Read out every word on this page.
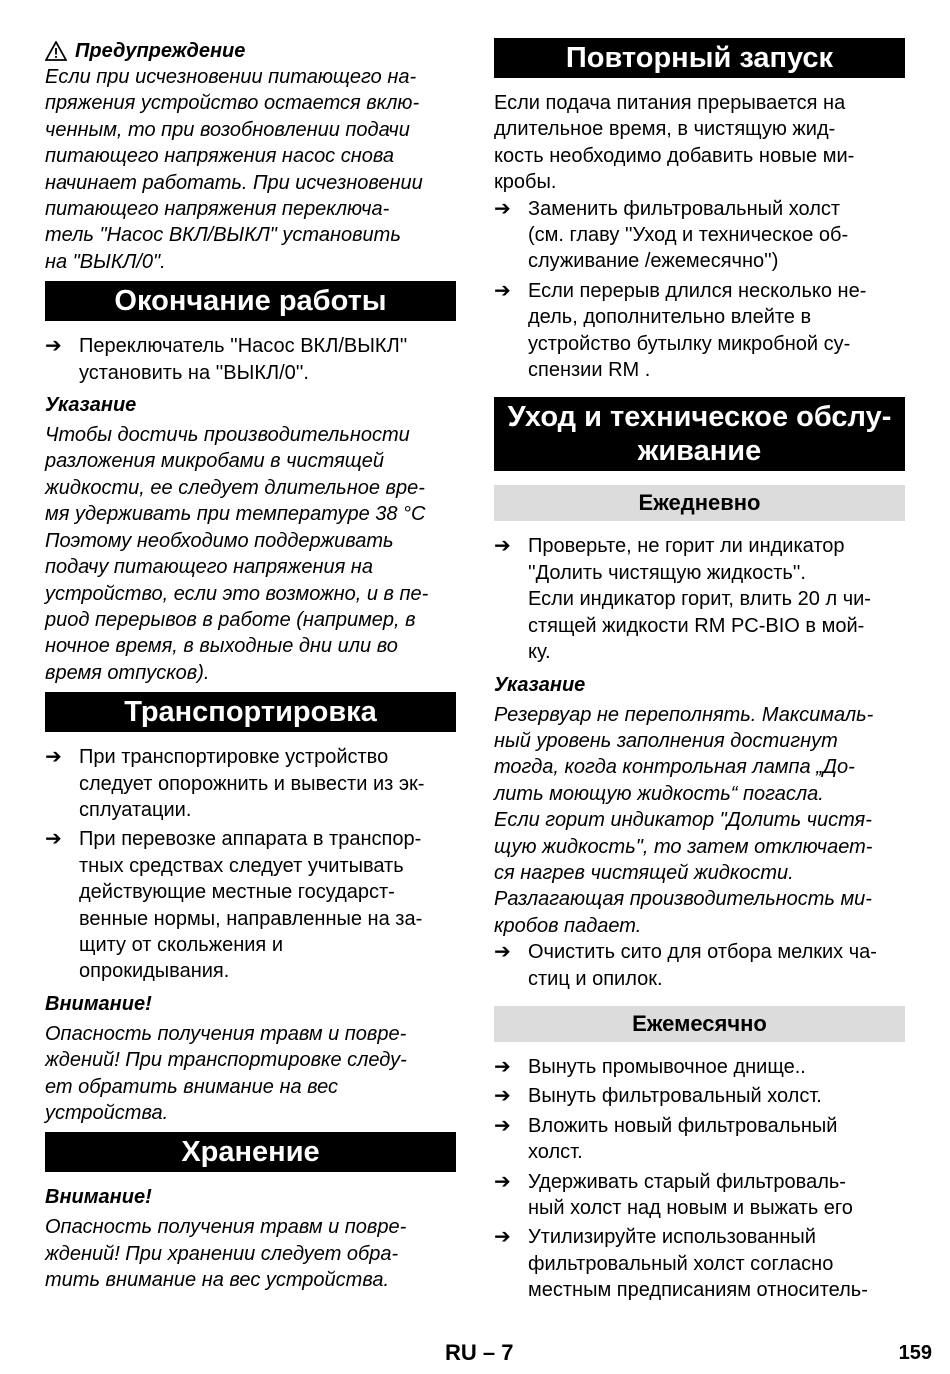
Предупреждение

Если при исчезновении питающего на-

пряжения устройство остается вклю-

ченным, то при возобновлении подачи

питающего напряжения насос снова

начинает работать. При исчезновении

питающего напряжения переключа-

тель "Насос ВКЛ/ВЫКЛ" установить

на "ВЫКЛ/0".

Окончание работы
➔ Переключатель ''Насос ВКЛ/ВЫКЛ''
установить на ''ВЫКЛ/0''.

Указание

Чтобы достичь производительности

разложения микробами в чистящей

жидкости, ее следует длительное вре-

мя удерживать при температуре 38 °C

Поэтому необходимо поддерживать

подачу питающего напряжения на

устройство, если это возможно, и в пе-

риод перерывов в работе (например, в

ночное время, в выходные дни или во

время отпусков).

Транспортировка
➔ При транспортировке устройство
следует опорожнить и вывести из эк-
сплуатации.
➔ При перевозке аппарата в транспор-
тных средствах следует учитывать
действующие местные государст-
венные нормы, направленные на за-
щиту от скольжения и
опрокидывания.

Внимание!

Опасность получения травм и повре-

ждений! При транспортировке следу-

ет обратить внимание на вес

устройства.

Хранение

Внимание!

Опасность получения травм и повре-

ждений! При хранении следует обра-

тить внимание на вес устройства.

Повторный запуск

Если подача питания прерывается на

длительное время, в чистящую жид-

кость необходимо добавить новые ми-

кробы.

➔ Заменить фильтровальный холст
(см. главу ''Уход и техническое об-
служивание /ежемесячно'')
➔ Если перерыв длился несколько не-
дель, дополнительно влейте в
устройство бутылку микробной су-
спензии RM .
Уход и техническое обслу-
живание
Ежедневно
➔ Проверьте, не горит ли индикатор
''Долить чистящую жидкость''.
Если индикатор горит, влить 20 л чи-
стящей жидкости RM PC-BIO в мой-
ку.

Указание

Резервуар не переполнять. Максималь-

ный уровень заполнения достигнут

тогда, когда контрольная лампа „До-

лить моющую жидкость“ погасла.

Если горит индикатор "Долить чистя-

щую жидкость", то затем отключает-

ся нагрев чистящей жидкости.

Разлагающая производительность ми-

кробов падает.

➔ Очистить сито для отбора мелких ча-
стиц и опилок.
Ежемесячно
➔ Вынуть промывочное днище..
➔ Вынуть фильтровальный холст.
➔ Вложить новый фильтровальный
холст.
➔ Удерживать старый фильтроваль-
ный холст над новым и выжать его
➔ Утилизируйте использованный
фильтровальный холст согласно
местным предписаниям относитель-
RU – 7	159
